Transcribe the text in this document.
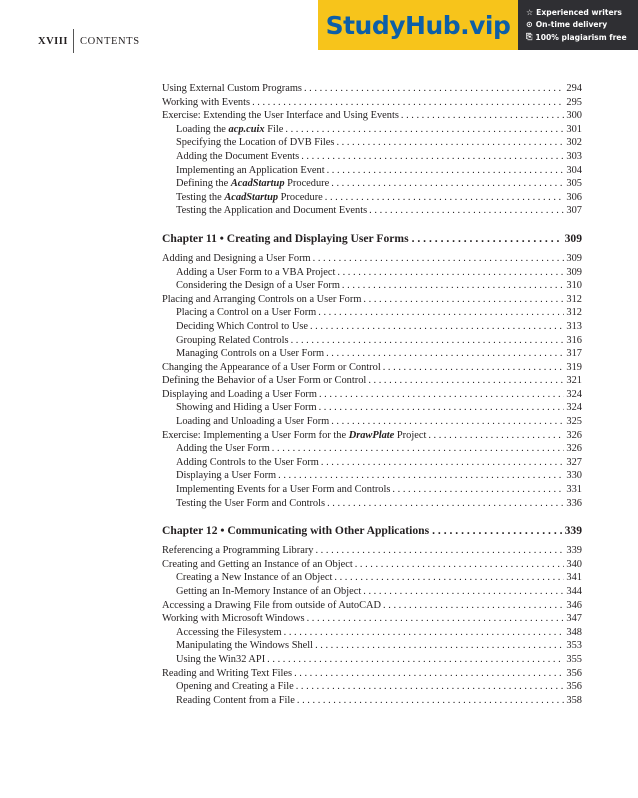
XVIII CONTENTS
StudyHub.vip	☆ Experienced writers
⊙ On-time delivery
⎘ 100% plagiarism free
Using External Custom Programs . . .	294
Working with Events . . .	295
Exercise: Extending the User Interface and Using Events . . .	300
Loading the acp.cuix File . . .	301
Specifying the Location of DVB Files . . .	302
Adding the Document Events . . .	303
Implementing an Application Event . . .	304
Defining the AcadStartup Procedure . . .	305
Testing the AcadStartup Procedure . . .	306
Testing the Application and Document Events . . .	307
Chapter 11 • Creating and Displaying User Forms . . .	309
Adding and Designing a User Form . . .	309
Adding a User Form to a VBA Project . . .	309
Considering the Design of a User Form . . .	310
Placing and Arranging Controls on a User Form . . .	312
Placing a Control on a User Form . . .	312
Deciding Which Control to Use . . .	313
Grouping Related Controls . . .	316
Managing Controls on a User Form . . .	317
Changing the Appearance of a User Form or Control . . .	319
Defining the Behavior of a User Form or Control . . .	321
Displaying and Loading a User Form . . .	324
Showing and Hiding a User Form . . .	324
Loading and Unloading a User Form . . .	325
Exercise: Implementing a User Form for the DrawPlate Project . . .	326
Adding the User Form . . .	326
Adding Controls to the User Form . . .	327
Displaying a User Form . . .	330
Implementing Events for a User Form and Controls . . .	331
Testing the User Form and Controls . . .	336
Chapter 12 • Communicating with Other Applications . . .	339
Referencing a Programming Library . . .	339
Creating and Getting an Instance of an Object . . .	340
Creating a New Instance of an Object . . .	341
Getting an In-Memory Instance of an Object . . .	344
Accessing a Drawing File from outside of AutoCAD . . .	346
Working with Microsoft Windows . . .	347
Accessing the Filesystem . . .	348
Manipulating the Windows Shell . . .	353
Using the Win32 API . . .	355
Reading and Writing Text Files . . .	356
Opening and Creating a File . . .	356
Reading Content from a File . . .	358
